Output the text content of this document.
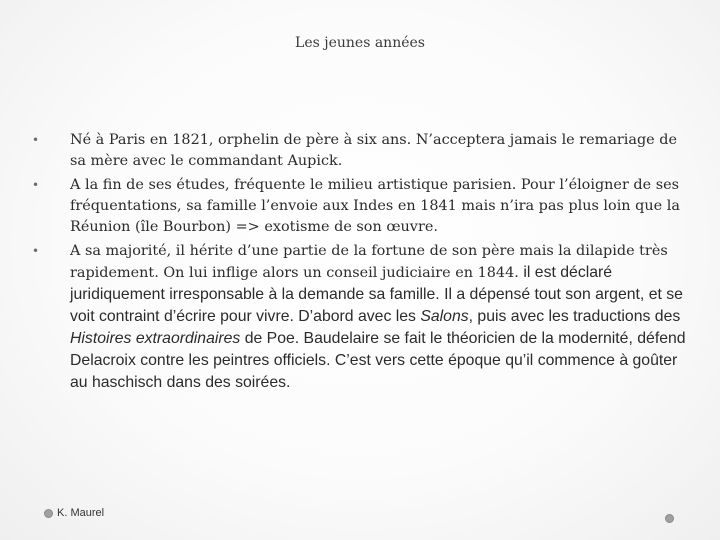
Les jeunes années
• Né à Paris en 1821, orphelin de père à six ans. N’acceptera jamais le remariage de sa mère avec le commandant Aupick.
• A la fin de ses études, fréquente le milieu artistique parisien. Pour l’éloigner de ses fréquentations, sa famille l’envoie aux Indes en 1841 mais n’ira pas plus loin que la Réunion (île Bourbon) => exotisme de son œuvre.
• A sa majorité, il hérite d’une partie de la fortune de son père mais la dilapide très rapidement. On lui inflige alors un conseil judiciaire en 1844. il est déclaré juridiquement irresponsable à la demande sa famille. Il a dépensé tout son argent, et se voit contraint d’écrire pour vivre. D’abord avec les Salons, puis avec les traductions des Histoires extraordinaires de Poe. Baudelaire se fait le théoricien de la modernité, défend Delacroix contre les peintres officiels. C’est vers cette époque qu’il commence à goûter au haschisch dans des soirées.
K. Maurel
